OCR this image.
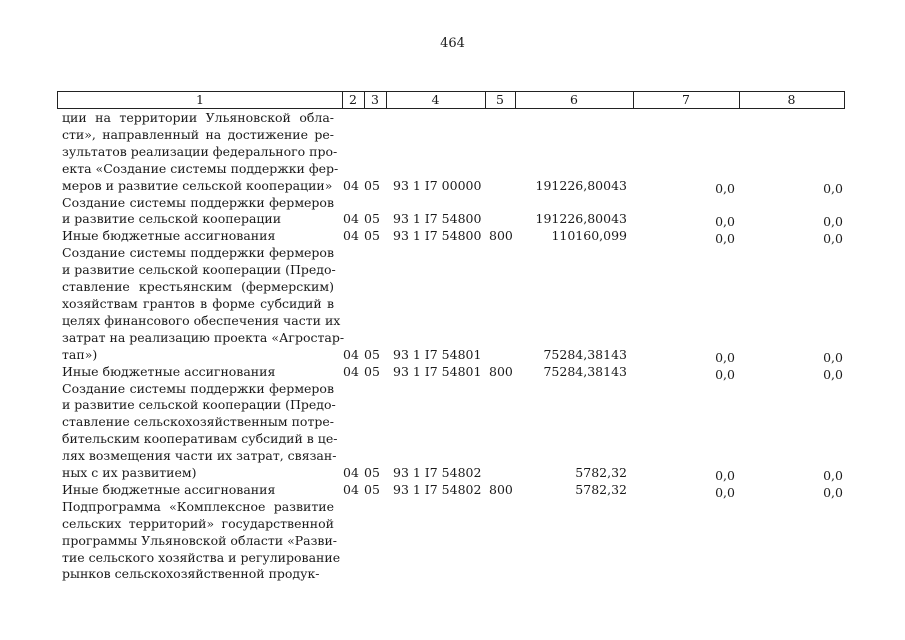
464
1	2	3	4	5	6	7	8
ции на территории Ульяновской обла-
сти», направленный на достижение ре-
зультатов реализации федерального про-
екта «Создание системы поддержки фер-
меров и развитие сельской кооперации» 04 05 93 1 I7 00000	191226,80043	0,0	0,0
Создание системы поддержки фермеров
и развитие сельской кооперации	04 05 93 1 I7 54800	191226,80043	0,0	0,0
Иные бюджетные ассигнования	04 05 93 1 I7 54800 800	110160,099	0,0	0,0
Создание системы поддержки фермеров
и развитие сельской кооперации (Предо-
ставление крестьянским (фермерским)
хозяйствам грантов в форме субсидий в
целях финансового обеспечения части их
затрат на реализацию проекта «Агростар-
тап»)	04 05 93 1 I7 54801	75284,38143	0,0	0,0
Иные бюджетные ассигнования	04 05 93 1 I7 54801 800 75284,38143	0,0	0,0
Создание системы поддержки фермеров
и развитие сельской кооперации (Предо-
ставление сельскохозяйственным потре-
бительским кооперативам субсидий в це-
лях возмещения части их затрат, связан-
ных с их развитием)	04 05 93 1 I7 54802	5782,32	0,0	0,0
Иные бюджетные ассигнования	04 05 93 1 I7 54802 800	5782,32	0,0	0,0
Подпрограмма «Комплексное развитие
сельских территорий» государственной
программы Ульяновской области «Разви-
тие сельского хозяйства и регулирование
рынков сельскохозяйственной продук-
